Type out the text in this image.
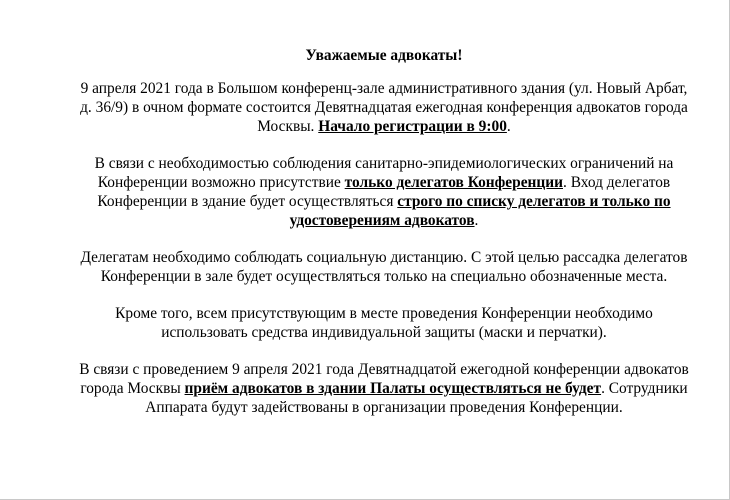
Уважаемые адвокаты!

9 апреля 2021 года в Большом конференц-зале административного здания (ул. Новый Арбат, д. 36/9) в очном формате состоится Девятнадцатая ежегодная конференция адвокатов города Москвы. Начало регистрации в 9:00.

В связи с необходимостью соблюдения санитарно-эпидемиологических ограничений на Конференции возможно присутствие только делегатов Конференции. Вход делегатов Конференции в здание будет осуществляться строго по списку делегатов и только по удостоверениям адвокатов.

Делегатам необходимо соблюдать социальную дистанцию. С этой целью рассадка делегатов Конференции в зале будет осуществляться только на специально обозначенные места.

Кроме того, всем присутствующим в месте проведения Конференции необходимо использовать средства индивидуальной защиты (маски и перчатки).

В связи с проведением 9 апреля 2021 года Девятнадцатой ежегодной конференции адвокатов города Москвы приём адвокатов в здании Палаты осуществляться не будет. Сотрудники Аппарата будут задействованы в организации проведения Конференции.
